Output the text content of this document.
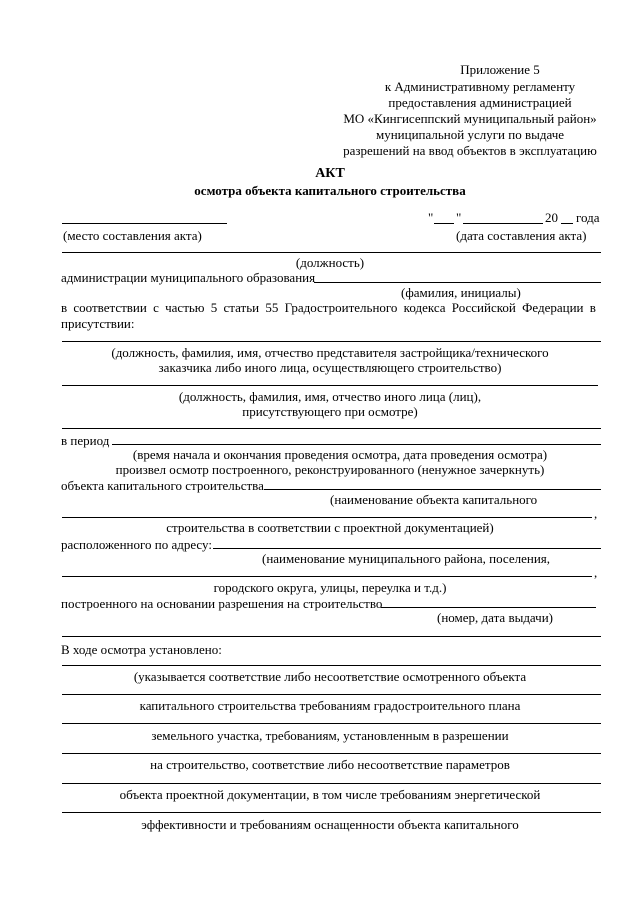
Приложение 5
к Административному регламенту
предоставления администрацией
МО «Кингисеппский муниципальный район»
муниципальной услуги по выдаче
разрешений на ввод объектов в эксплуатацию
АКТ
осмотра объекта капитального строительства
(место составления акта)
" "	20 года
(дата составления акта)
(должность)
администрации муниципального образования
(фамилия, инициалы)
в соответствии с частью 5 статьи 55 Градостроительного кодекса Российской Федерации в
присутствии:
(должность, фамилия, имя, отчество представителя застройщика/технического
заказчика либо иного лица, осуществляющего строительство)
(должность, фамилия, имя, отчество иного лица (лиц),
присутствующего при осмотре)
в период
(время начала и окончания проведения осмотра, дата проведения осмотра)
произвел осмотр построенного, реконструированного (ненужное зачеркнуть)
объекта капитального строительства
(наименование объекта капитального
,
строительства в соответствии с проектной документацией)
расположенного по адресу:
(наименование муниципального района, поселения,
,
городского округа, улицы, переулка и т.д.)
построенного на основании разрешения на строительство
(номер, дата выдачи)
В ходе осмотра установлено:
(указывается соответствие либо несоответствие осмотренного объекта
капитального строительства требованиям градостроительного плана
земельного участка, требованиям, установленным в разрешении
на строительство, соответствие либо несоответствие параметров
объекта проектной документации, в том числе требованиям энергетической
эффективности и требованиям оснащенности объекта капитального
